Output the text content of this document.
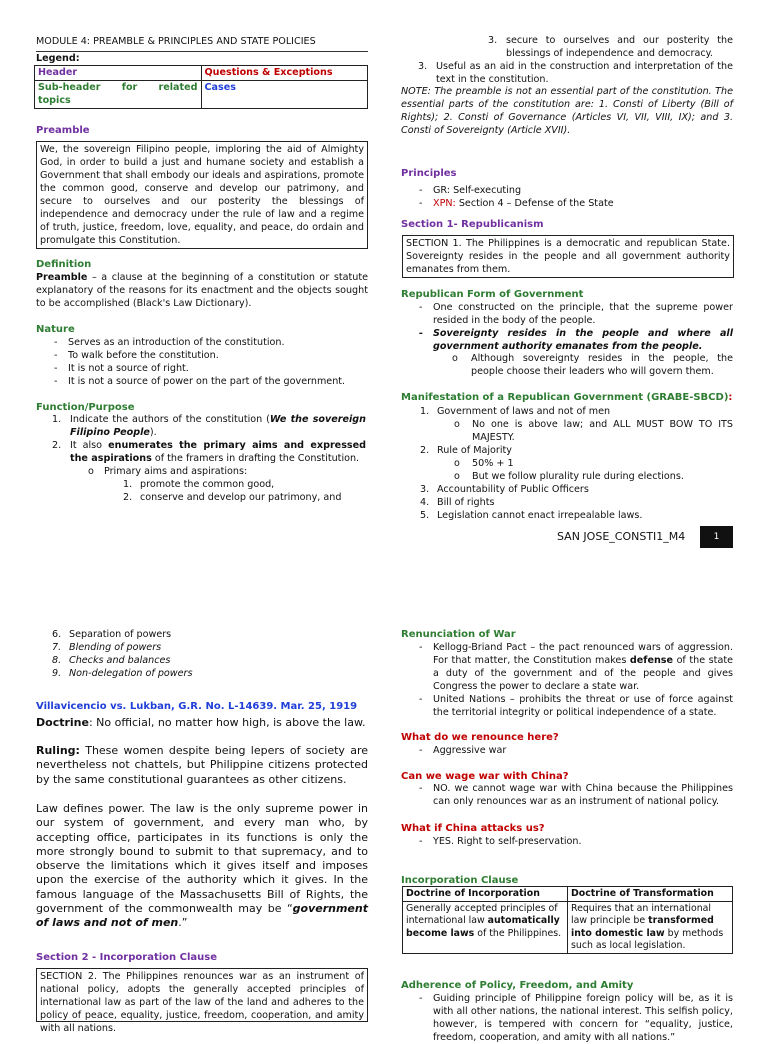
MODULE 4: PREAMBLE & PRINCIPLES AND STATE POLICIES
Legend:
Header	Questions & Exceptions
Sub-header for related topics	Cases
Preamble
We, the sovereign Filipino people, imploring the aid of Almighty God, in order to build a just and humane society and establish a Government that shall embody our ideals and aspirations, promote the common good, conserve and develop our patrimony, and secure to ourselves and our posterity the blessings of independence and democracy under the rule of law and a regime of truth, justice, freedom, love, equality, and peace, do ordain and promulgate this Constitution.
Definition
Preamble – a clause at the beginning of a constitution or statute explanatory of the reasons for its enactment and the objects sought to be accomplished (Black's Law Dictionary).
Nature
- Serves as an introduction of the constitution.
- To walk before the constitution.
- It is not a source of right.
- It is not a source of power on the part of the government.
Function/Purpose
1. Indicate the authors of the constitution (We the sovereign Filipino People).
2. It also enumerates the primary aims and expressed the aspirations of the framers in drafting the Constitution.
o Primary aims and aspirations:
1. promote the common good,
2. conserve and develop our patrimony, and
3. secure to ourselves and our posterity the blessings of independence and democracy.
3. Useful as an aid in the construction and interpretation of the text in the constitution.
NOTE: The preamble is not an essential part of the constitution. The essential parts of the constitution are: 1. Consti of Liberty (Bill of Rights); 2. Consti of Governance (Articles VI, VII, VIII, IX); and 3. Consti of Sovereignty (Article XVII).
Principles
- GR: Self-executing
- XPN: Section 4 – Defense of the State
Section 1- Republicanism
SECTION 1. The Philippines is a democratic and republican State. Sovereignty resides in the people and all government authority emanates from them.
Republican Form of Government
- One constructed on the principle, that the supreme power resided in the body of the people.
- Sovereignty resides in the people and where all government authority emanates from the people.
o	Although sovereignty resides in the people, the people choose their leaders who will govern them.
Manifestation of a Republican Government (GRABE-SBCD):
1. Government of laws and not of men
o No one is above law; and ALL MUST BOW TO ITS MAJESTY.
2. Rule of Majority
o 50% + 1
o But we follow plurality rule during elections.
3. Accountability of Public Officers
4. Bill of rights
5. Legislation cannot enact irrepealable laws.
SAN JOSE_CONSTI1_M4	1
6. Separation of powers
7. Blending of powers
8. Checks and balances
9. Non-delegation of powers
Villavicencio vs. Lukban, G.R. No. L-14639. Mar. 25, 1919
Doctrine: No official, no matter how high, is above the law.
Ruling: These women despite being lepers of society are nevertheless not chattels, but Philippine citizens protected by the same constitutional guarantees as other citizens.
Law defines power. The law is the only supreme power in our system of government, and every man who, by accepting office, participates in its functions is only the more strongly bound to submit to that supremacy, and to observe the limitations which it gives itself and imposes upon the exercise of the authority which it gives. In the famous language of the Massachusetts Bill of Rights, the government of the commonwealth may be “government of laws and not of men.”
Section 2 - Incorporation Clause
SECTION 2. The Philippines renounces war as an instrument of national policy, adopts the generally accepted principles of international law as part of the law of the land and adheres to the policy of peace, equality, justice, freedom, cooperation, and amity with all nations.
Renunciation of War
- Kellogg-Briand Pact – the pact renounced wars of aggression. For that matter, the Constitution makes defense of the state a duty of the government and of the people and gives Congress the power to declare a state war.
- United Nations – prohibits the threat or use of force against the territorial integrity or political independence of a state.
What do we renounce here?
- Aggressive war
Can we wage war with China?
- NO. we cannot wage war with China because the Philippines can only renounces war as an instrument of national policy.
What if China attacks us?
- YES. Right to self-preservation.
Incorporation Clause
Doctrine of Incorporation	Doctrine of Transformation
Generally accepted principles of international law automatically become laws of the Philippines.	Requires that an international law principle be transformed into domestic law by methods such as local legislation.
Adherence of Policy, Freedom, and Amity
- Guiding principle of Philippine foreign policy will be, as it is with all other nations, the national interest. This selfish policy, however, is tempered with concern for “equality, justice, freedom, cooperation, and amity with all nations.”
